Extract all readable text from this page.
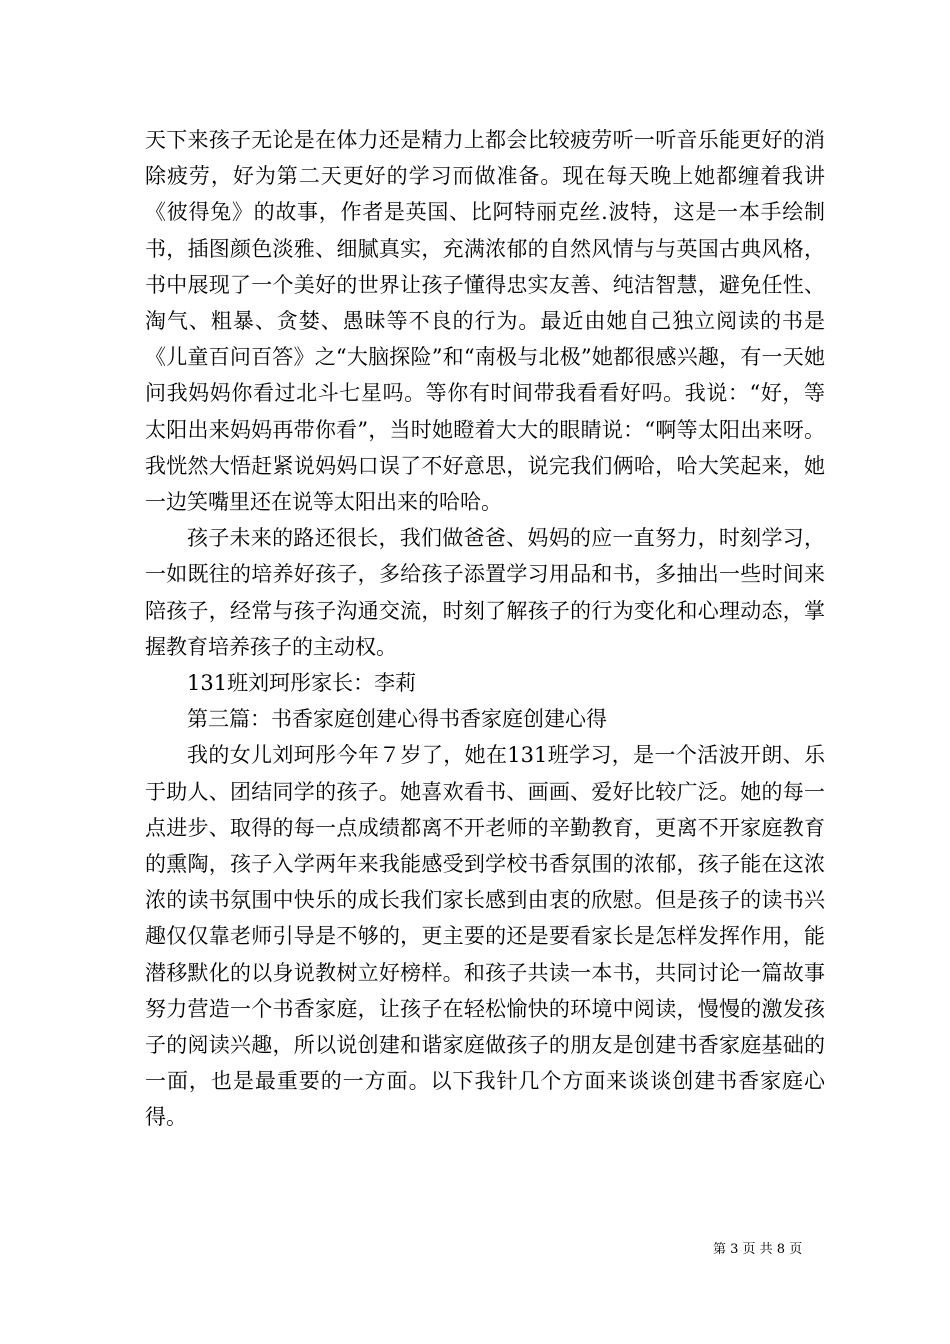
天下来孩子无论是在体力还是精力上都会比较疲劳听一听音乐能更好的消除疲劳，好为第二天更好的学习而做准备。现在每天晚上她都缠着我讲《彼得兔》的故事，作者是英国、比阿特丽克丝.波特，这是一本手绘制书，插图颜色淡雅、细腻真实，充满浓郁的自然风情与与英国古典风格，书中展现了一个美好的世界让孩子懂得忠实友善、纯洁智慧，避免任性、淘气、粗暴、贪婪、愚昧等不良的行为。最近由她自己独立阅读的书是《儿童百问百答》之“大脑探险”和“南极与北极”她都很感兴趣，有一天她问我妈妈你看过北斗七星吗。等你有时间带我看看好吗。我说：“好，等太阳出来妈妈再带你看”，当时她瞪着大大的眼睛说：“啊等太阳出来呀。我恍然大悟赶紧说妈妈口误了不好意思，说完我们俩哈，哈大笑起来，她一边笑嘴里还在说等太阳出来的哈哈。

孩子未来的路还很长，我们做爸爸、妈妈的应一直努力，时刻学习，一如既往的培养好孩子，多给孩子添置学习用品和书，多抽出一些时间来陪孩子，经常与孩子沟通交流，时刻了解孩子的行为变化和心理动态，掌握教育培养孩子的主动权。

131班刘珂彤家长：李莉

第三篇：书香家庭创建心得书香家庭创建心得

我的女儿刘珂彤今年７岁了，她在131班学习，是一个活波开朗、乐于助人、团结同学的孩子。她喜欢看书、画画、爱好比较广泛。她的每一点进步、取得的每一点成绩都离不开老师的辛勤教育，更离不开家庭教育的熏陶，孩子入学两年来我能感受到学校书香氛围的浓郁，孩子能在这浓浓的读书氛围中快乐的成长我们家长感到由衷的欣慰。但是孩子的读书兴趣仅仅靠老师引导是不够的，更主要的还是要看家长是怎样发挥作用，能潜移默化的以身说教树立好榜样。和孩子共读一本书，共同讨论一篇故事努力营造一个书香家庭，让孩子在轻松愉快的环境中阅读，慢慢的激发孩子的阅读兴趣，所以说创建和谐家庭做孩子的朋友是创建书香家庭基础的一面，也是最重要的一方面。以下我针几个方面来谈谈创建书香家庭心得。

第 3 页 共 8 页
